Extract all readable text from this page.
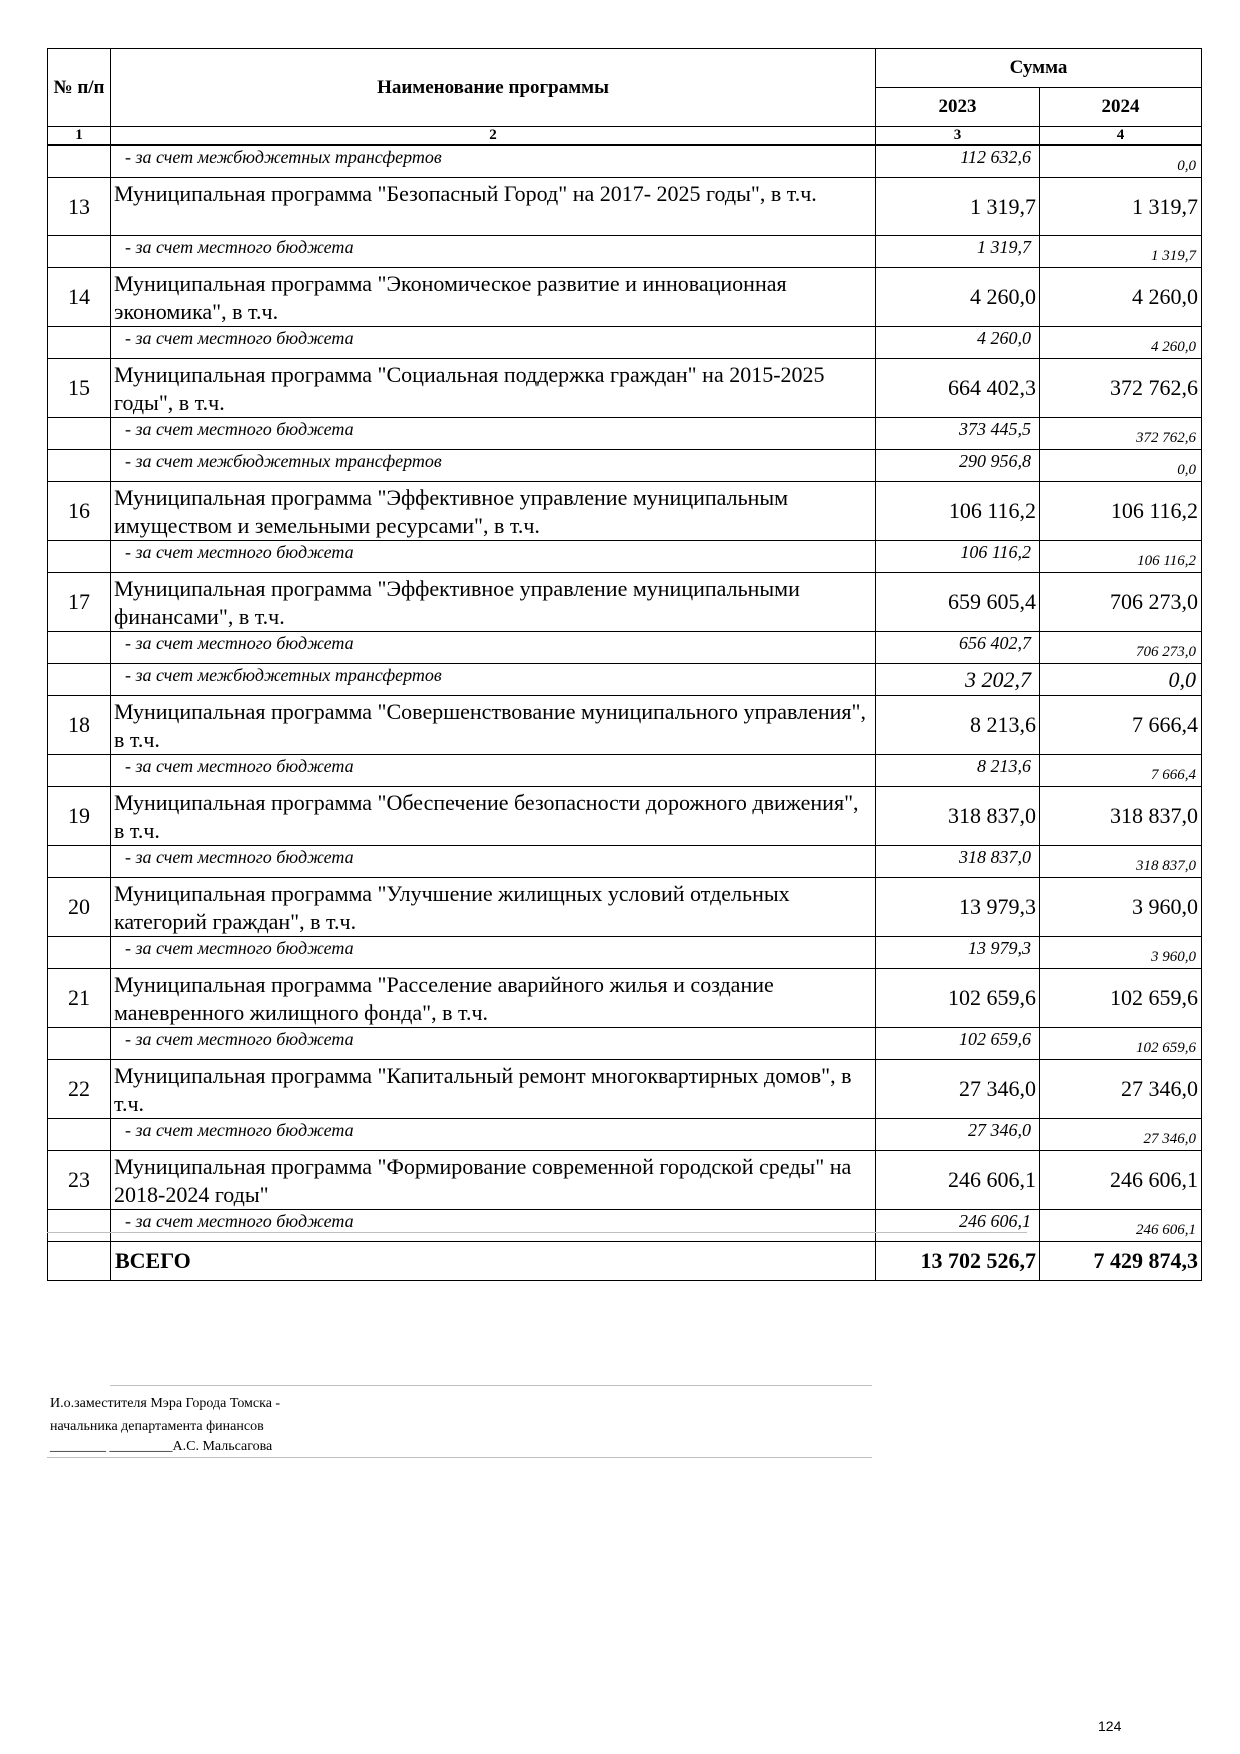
№ п/п	Наименование программы	Сумма	
		2023	2024
1	2	3	4
	- за счет межбюджетных трансфертов	112 632,6	0,0
13	Муниципальная программа "Безопасный Город" на 2017- 2025 годы", в т.ч.	1 319,7	1 319,7
	- за счет местного бюджета	1 319,7	1 319,7
14	Муниципальная программа "Экономическое развитие и инновационная экономика", в т.ч.	4 260,0	4 260,0
	- за счет местного бюджета	4 260,0	4 260,0
15	Муниципальная программа "Социальная поддержка граждан" на 2015-2025 годы", в т.ч.	664 402,3	372 762,6
	- за счет местного бюджета	373 445,5	372 762,6
	- за счет межбюджетных трансфертов	290 956,8	0,0
16	Муниципальная программа "Эффективное управление муниципальным имуществом и земельными ресурсами", в т.ч.	106 116,2	106 116,2
	- за счет местного бюджета	106 116,2	106 116,2
17	Муниципальная программа "Эффективное управление муниципальными финансами", в т.ч.	659 605,4	706 273,0
	- за счет местного бюджета	656 402,7	706 273,0
	- за счет межбюджетных трансфертов	3 202,7	0,0
18	Муниципальная программа "Совершенствование муниципального управления", в т.ч.	8 213,6	7 666,4
	- за счет местного бюджета	8 213,6	7 666,4
19	Муниципальная программа "Обеспечение безопасности дорожного движения", в т.ч.	318 837,0	318 837,0
	- за счет местного бюджета	318 837,0	318 837,0
20	Муниципальная программа "Улучшение жилищных условий отдельных категорий граждан", в т.ч.	13 979,3	3 960,0
	- за счет местного бюджета	13 979,3	3 960,0
21	Муниципальная программа "Расселение аварийного жилья и создание маневренного жилищного фонда", в т.ч.	102 659,6	102 659,6
	- за счет местного бюджета	102 659,6	102 659,6
22	Муниципальная программа "Капитальный ремонт многоквартирных домов", в т.ч.	27 346,0	27 346,0
	- за счет местного бюджета	27 346,0	27 346,0
23	Муниципальная программа "Формирование современной городской среды" на 2018-2024 годы"	246 606,1	246 606,1
	- за счет местного бюджета	246 606,1	246 606,1
	ВСЕГО	13 702 526,7	7 429 874,3
И.о.заместителя Мэра Города Томска -
начальника департамента финансов
________ _________А.С. Мальсагова
124
